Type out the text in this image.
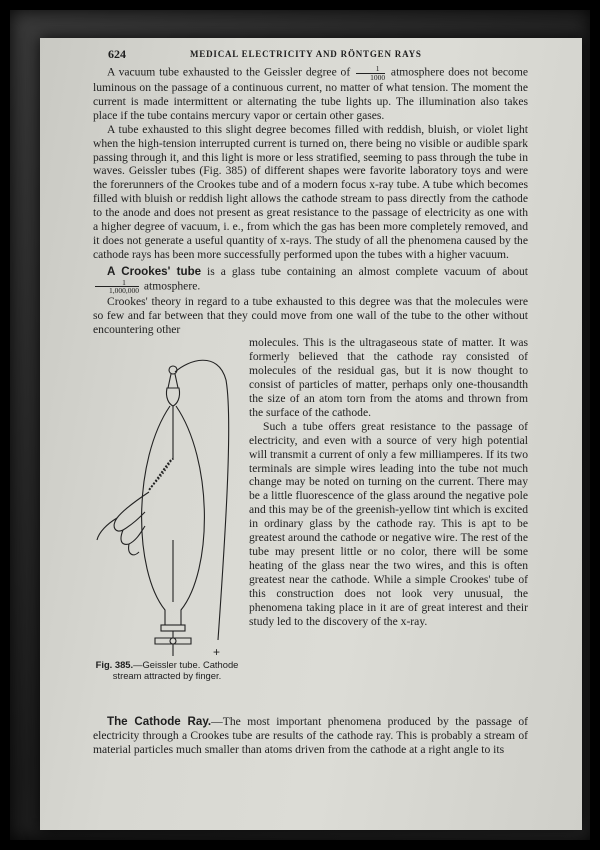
624	MEDICAL ELECTRICITY AND RÖNTGEN RAYS

A vacuum tube exhausted to the Geissler degree of $\frac{1}{1000}$ atmosphere does not become luminous on the passage of a continuous current, no matter of what tension. The moment the current is made intermittent or alternating the tube lights up. The illumination also takes place if the tube contains mercury vapor or certain other gases.

A tube exhausted to this slight degree becomes filled with reddish, bluish, or violet light when the high-tension interrupted current is turned on, there being no visible or audible spark passing through it, and this light is more or less stratified, seeming to pass through the tube in waves. Geissler tubes (Fig. 385) of different shapes were favorite laboratory toys and were the forerunners of the Crookes tube and of a modern focus x-ray tube. A tube which becomes filled with bluish or reddish light allows the cathode stream to pass directly from the cathode to the anode and does not present as great resistance to the passage of electricity as one with a higher degree of vacuum, i. e., from which the gas has been more completely removed, and it does not generate a useful quantity of x-rays. The study of all the phenomena caused by the cathode rays has been more successfully performed upon the tubes with a higher vacuum.

A Crookes' tube is a glass tube containing an almost complete vacuum of about
$\frac{1}{1,000,000}$ atmosphere.

Crookes' theory in regard to a tube exhausted to this degree was that the molecules were so few and far between that they could move from one wall of the tube to the other without encountering other

+
Fig. 385.—Geissler tube. Cathode stream attracted by finger.

molecules. This is the ultragaseous state of matter. It was formerly believed that the cathode ray consisted of molecules of the residual gas, but it is now thought to consist of particles of matter, perhaps only one-thousandth the size of an atom torn from the atoms and thrown from the surface of the cathode.

Such a tube offers great resistance to the passage of electricity, and even with a source of very high potential will transmit a current of only a few milliamperes. If its two terminals are simple wires leading into the tube not much change may be noted on turning on the current. There may be a little fluorescence of the glass around the negative pole and this may be of the greenish-yellow tint which is excited in ordinary glass by the cathode ray. This is apt to be greatest around the cathode or negative wire. The rest of the tube may present little or no color, there will be some heating of the glass near the two wires, and this is often greatest near the cathode. While a simple Crookes' tube of this construction does not look very unusual, the phenomena taking place in it are of great interest and their study led to the discovery of the x-ray.

The Cathode Ray.—The most important phenomena produced by the passage of electricity through a Crookes tube are results of the cathode ray. This is probably a stream of material particles much smaller than atoms driven from the cathode at a right angle to its
